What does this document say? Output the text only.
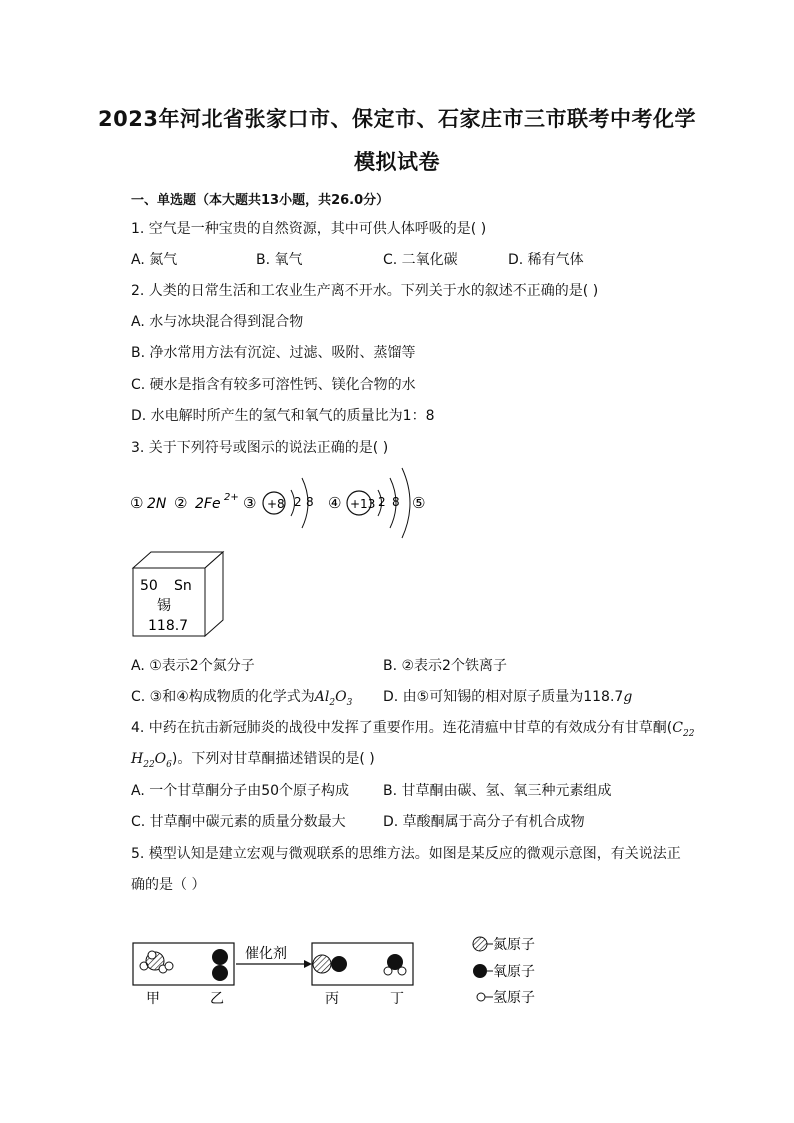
2023年河北省张家口市、保定市、石家庄市三市联考中考化学
模拟试卷
一、单选题（本大题共13小题，共26.0分）
1. 空气是一种宝贵的自然资源，其中可供人体呼吸的是( )
A. 氮气	B. 氧气	C. 二氧化碳	D. 稀有气体
2. 人类的日常生活和工农业生产离不开水。下列关于水的叙述不正确的是( )
A. 水与冰块混合得到混合物
B. 净水常用方法有沉淀、过滤、吸附、蒸馏等
C. 硬水是指含有较多可溶性钙、镁化合物的水
D. 水电解时所产生的氢气和氧气的质量比为1：8
3. 关于下列符号或图示的说法正确的是( )
① 2N ② 2Fe 2+ ③ +8 2 8 ④ +13 2 8 ⑤
50 Sn
锡
118.7
A. ①表示2个氮分子	B. ②表示2个铁离子
C. ③和④构成物质的化学式为$Al_2O_3$ D. 由⑤可知锡的相对原子质量为118.7g
4. 中药在抗击新冠肺炎的战役中发挥了重要作用。连花清瘟中甘草的有效成分有甘草酮($C_{22}$
$H_{22}O_6$)。下列对甘草酮描述错误的是( )
A. 一个甘草酮分子由50个原子构成 B. 甘草酮由碳、氢、氧三种元素组成
C. 甘草酮中碳元素的质量分数最大	D. 草酸酮属于高分子有机合成物
5. 模型认知是建立宏观与微观联系的思维方法。如图是某反应的微观示意图，有关说法正
确的是（ ）
催化剂
甲	乙	丙	丁
氮原子
氧原子
氢原子
